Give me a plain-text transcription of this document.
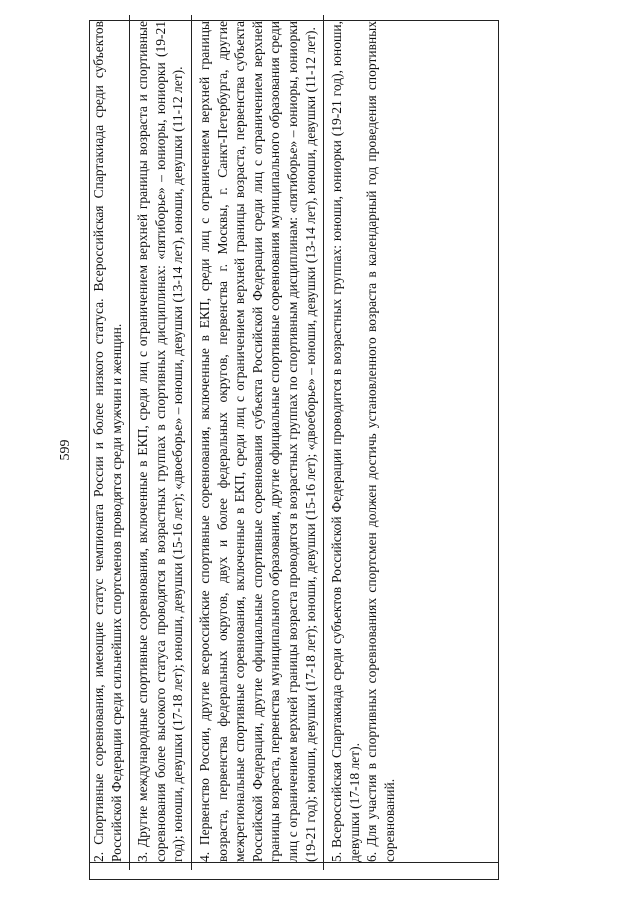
599
	2. Спортивные соревнования, имеющие статус чемпионата России и более низкого статуса. Всероссийская Спартакиада среди субъектов Российской Федерации среди сильнейших спортсменов проводятся среди мужчин и женщин. 3. Другие международные спортивные соревнования, включенные в ЕКП, среди лиц с ограничением верхней границы возраста и спортивные соревнования более высокого статуса проводятся в возрастных группах в спортивных дисциплинах: «пятиборье» – юниоры, юниорки (19-21 год); юноши, девушки (17-18 лет); юноши, девушки (15-16 лет); «двоеборье» – юноши, девушки (13-14 лет), юноши, девушки (11-12 лет). 4. Первенство России, другие всероссийские спортивные соревнования, включенные в ЕКП, среди лиц с ограничением верхней границы возраста, первенства федеральных округов, двух и более федеральных округов, первенства г. Москвы, г. Санкт-Петербурга, другие межрегиональные спортивные соревнования, включенные в ЕКП, среди лиц с ограничением верхней границы возраста, первенства субъекта Российской Федерации, другие официальные спортивные соревнования субъекта Российской Федерации среди лиц с ограничением верхней границы возраста, первенства муниципального образования, другие официальные спортивные соревнования муниципального образования среди лиц с ограничением верхней границы возраста проводятся в возрастных группах по спортивным дисциплинам: «пятиборье» – юниоры, юниорки (19-21 год); юноши, девушки (17-18 лет); юноши, девушки (15-16 лет); «двоеборье» – юноши, девушки (13-14 лет), юноши, девушки (11-12 лет). 5. Всероссийская Спартакиада среди субъектов Российской Федерации проводится в возрастных группах: юноши, юниорки (19-21 год), юноши, девушки (17-18 лет). 6. Для участия в спортивных соревнованиях спортсмен должен достичь установленного возраста в календарный год проведения спортивных соревнований.
